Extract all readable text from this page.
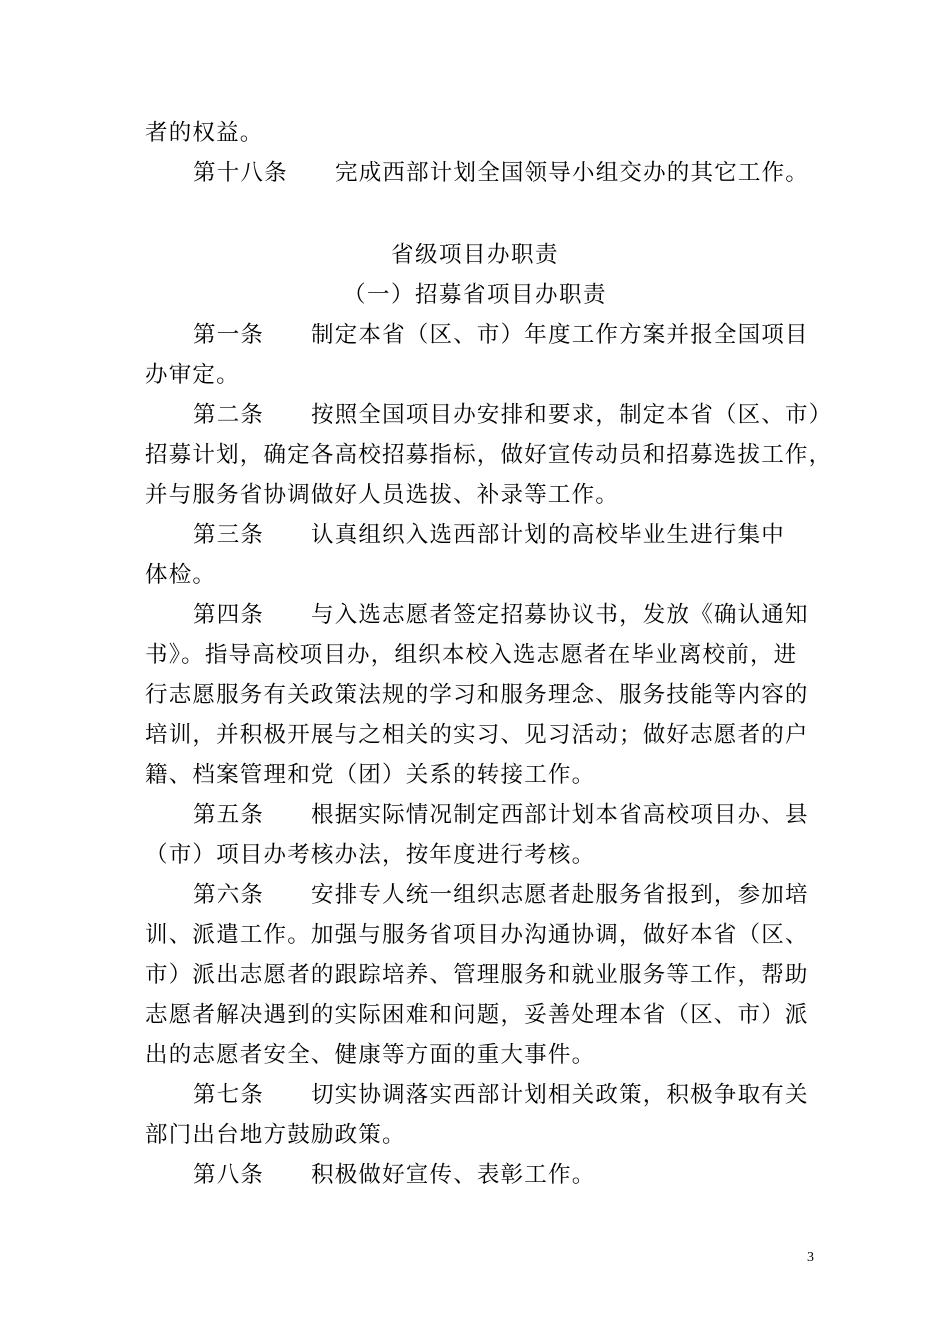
者的权益。
第十八条 完成西部计划全国领导小组交办的其它工作。
省级项目办职责
（一）招募省项目办职责
第一条 制定本省（区、市）年度工作方案并报全国项目
办审定。
第二条 按照全国项目办安排和要求，制定本省（区、市）
招募计划，确定各高校招募指标，做好宣传动员和招募选拔工作，
并与服务省协调做好人员选拔、补录等工作。
第三条 认真组织入选西部计划的高校毕业生进行集中
体检。
第四条 与入选志愿者签定招募协议书，发放《确认通知
书》。指导高校项目办，组织本校入选志愿者在毕业离校前，进
行志愿服务有关政策法规的学习和服务理念、服务技能等内容的
培训，并积极开展与之相关的实习、见习活动；做好志愿者的户
籍、档案管理和党（团）关系的转接工作。
第五条 根据实际情况制定西部计划本省高校项目办、县
（市）项目办考核办法，按年度进行考核。
第六条 安排专人统一组织志愿者赴服务省报到，参加培
训、派遣工作。加强与服务省项目办沟通协调，做好本省（区、
市）派出志愿者的跟踪培养、管理服务和就业服务等工作，帮助
志愿者解决遇到的实际困难和问题，妥善处理本省（区、市）派
出的志愿者安全、健康等方面的重大事件。
第七条 切实协调落实西部计划相关政策，积极争取有关
部门出台地方鼓励政策。
第八条 积极做好宣传、表彰工作。
3
